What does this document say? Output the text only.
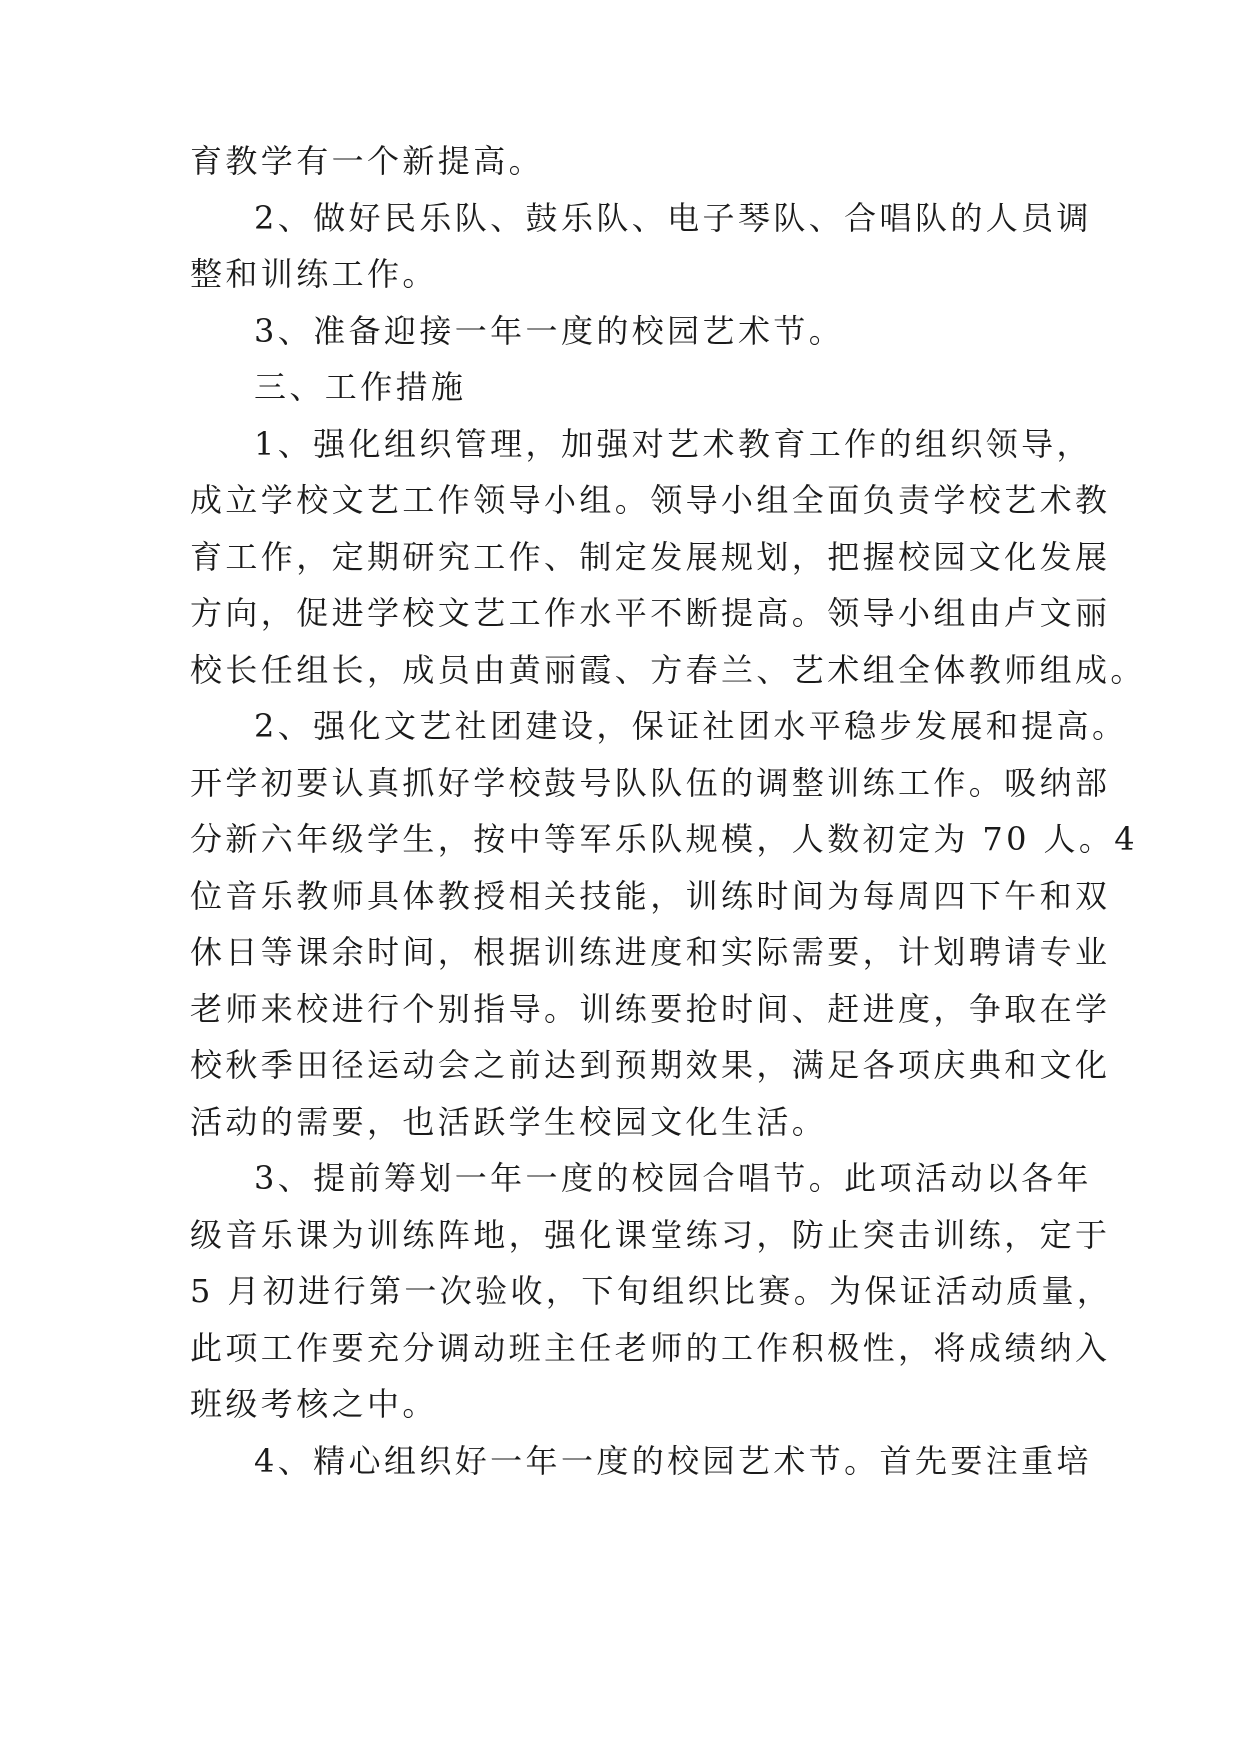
育教学有一个新提高。
2、做好民乐队、鼓乐队、电子琴队、合唱队的人员调
整和训练工作。
3、准备迎接一年一度的校园艺术节。
三、工作措施
1、强化组织管理，加强对艺术教育工作的组织领导，
成立学校文艺工作领导小组。领导小组全面负责学校艺术教
育工作，定期研究工作、制定发展规划，把握校园文化发展
方向，促进学校文艺工作水平不断提高。领导小组由卢文丽
校长任组长，成员由黄丽霞、方春兰、艺术组全体教师组成。
2、强化文艺社团建设，保证社团水平稳步发展和提高。
开学初要认真抓好学校鼓号队队伍的调整训练工作。吸纳部
分新六年级学生，按中等军乐队规模，人数初定为 70 人。4
位音乐教师具体教授相关技能，训练时间为每周四下午和双
休日等课余时间，根据训练进度和实际需要，计划聘请专业
老师来校进行个别指导。训练要抢时间、赶进度，争取在学
校秋季田径运动会之前达到预期效果，满足各项庆典和文化
活动的需要，也活跃学生校园文化生活。
3、提前筹划一年一度的校园合唱节。此项活动以各年
级音乐课为训练阵地，强化课堂练习，防止突击训练，定于
5 月初进行第一次验收，下旬组织比赛。为保证活动质量，
此项工作要充分调动班主任老师的工作积极性，将成绩纳入
班级考核之中。
4、精心组织好一年一度的校园艺术节。首先要注重培
